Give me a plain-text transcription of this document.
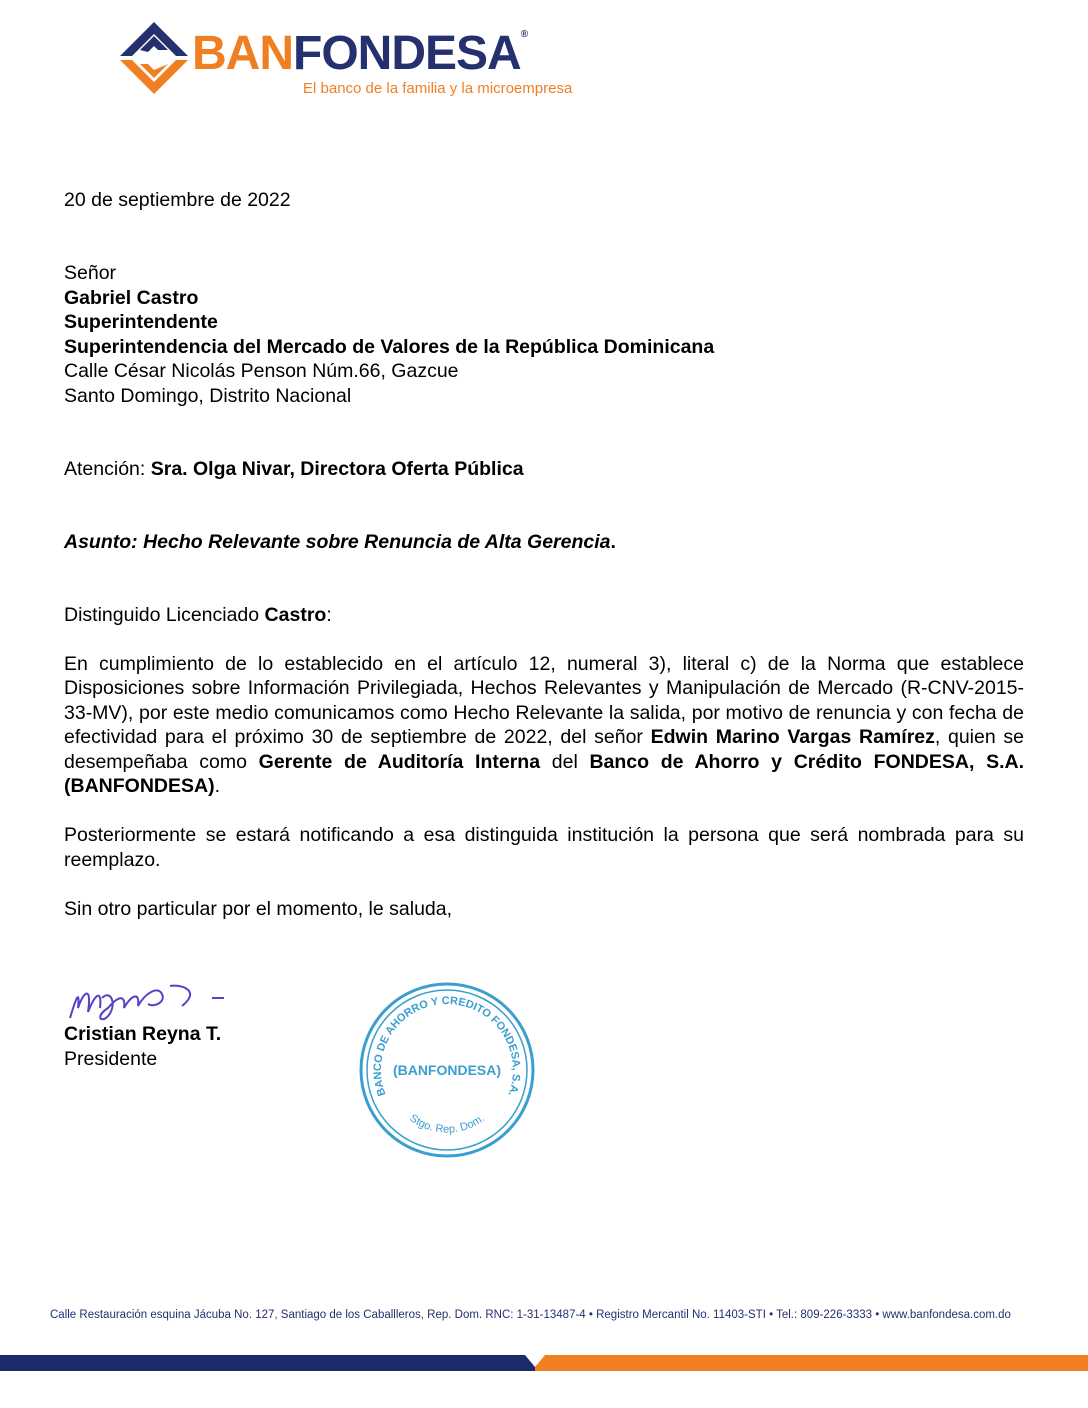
BANFONDESA®
El banco de la familia y la microempresa
20 de septiembre de 2022
Señor
Gabriel Castro
Superintendente
Superintendencia del Mercado de Valores de la República Dominicana
Calle César Nicolás Penson Núm.66, Gazcue
Santo Domingo, Distrito Nacional
Atención: Sra. Olga Nivar, Directora Oferta Pública
Asunto: Hecho Relevante sobre Renuncia de Alta Gerencia.
Distinguido Licenciado Castro:
En cumplimiento de lo establecido en el artículo 12, numeral 3), literal c) de la Norma que establece Disposiciones sobre Información Privilegiada, Hechos Relevantes y Manipulación de Mercado (R-CNV-2015-33-MV), por este medio comunicamos como Hecho Relevante la salida, por motivo de renuncia y con fecha de efectividad para el próximo 30 de septiembre de 2022, del señor Edwin Marino Vargas Ramírez, quien se desempeñaba como Gerente de Auditoría Interna del Banco de Ahorro y Crédito FONDESA, S.A. (BANFONDESA).
Posteriormente se estará notificando a esa distinguida institución la persona que será nombrada para su reemplazo.
Sin otro particular por el momento, le saluda,
Cristian Reyna T.
Presidente
BANCO DE AHORRO Y CREDITO FONDESA, S.A.
(BANFONDESA)
Stgo. Rep. Dom.
Calle Restauración esquina Jácuba No. 127, Santiago de los Caballleros, Rep. Dom. RNC: 1-31-13487-4 • Registro Mercantil No. 11403-STI • Tel.: 809-226-3333 • www.banfondesa.com.do
